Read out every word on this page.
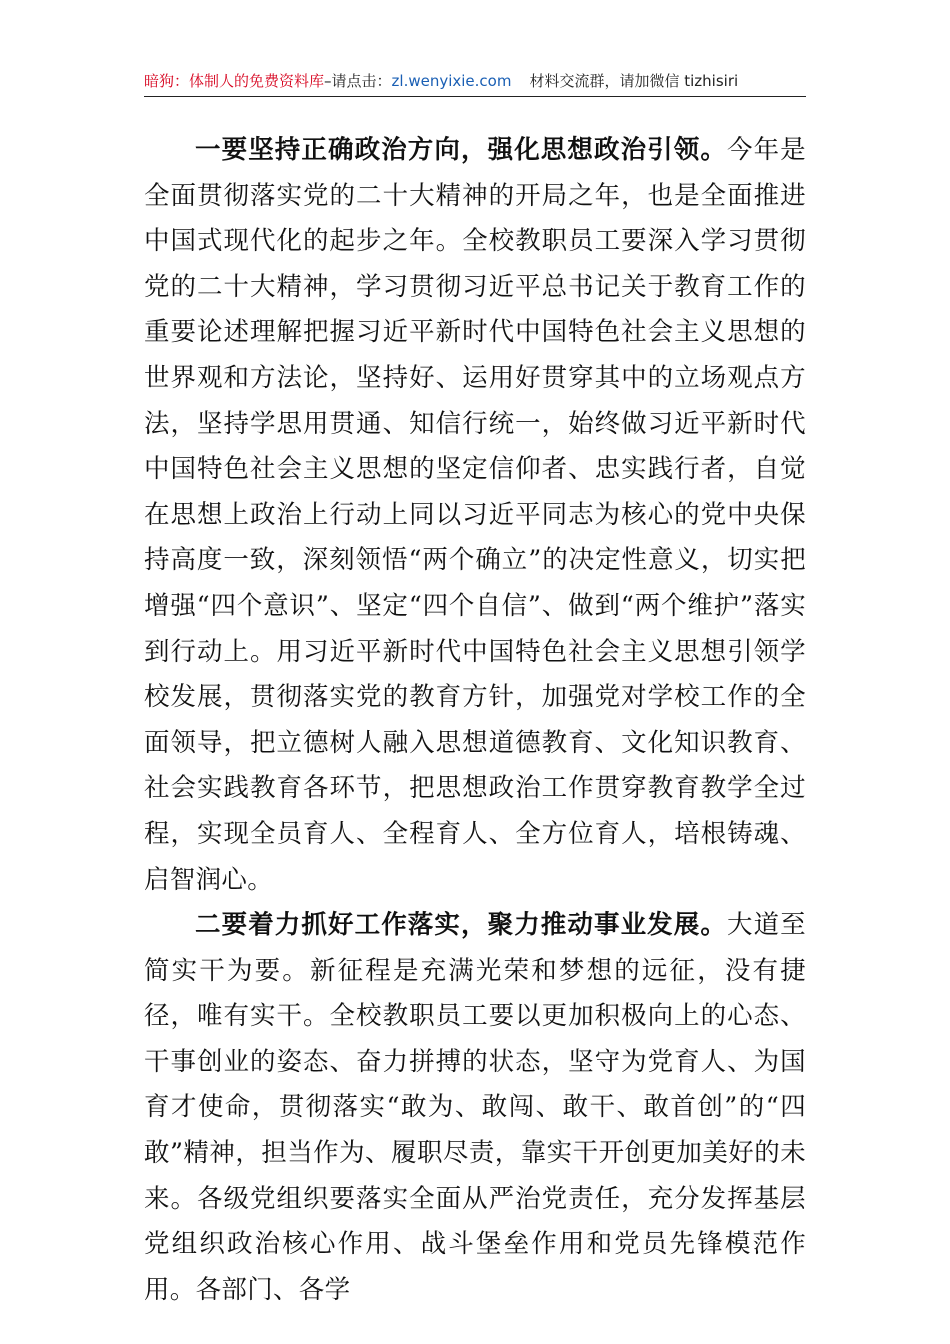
暗狗：体制人的免费资料库–请点击：zl.wenyixie.com 材料交流群，请加微信 tizhisiri

一要坚持正确政治方向，强化思想政治引领。今年是全面贯彻落实党的二十大精神的开局之年，也是全面推进中国式现代化的起步之年。全校教职员工要深入学习贯彻党的二十大精神，学习贯彻习近平总书记关于教育工作的重要论述理解把握习近平新时代中国特色社会主义思想的世界观和方法论，坚持好、运用好贯穿其中的立场观点方法，坚持学思用贯通、知信行统一，始终做习近平新时代中国特色社会主义思想的坚定信仰者、忠实践行者，自觉在思想上政治上行动上同以习近平同志为核心的党中央保持高度一致，深刻领悟“两个确立”的决定性意义，切实把增强“四个意识”、坚定“四个自信”、做到“两个维护”落实到行动上。用习近平新时代中国特色社会主义思想引领学校发展，贯彻落实党的教育方针，加强党对学校工作的全面领导，把立德树人融入思想道德教育、文化知识教育、社会实践教育各环节，把思想政治工作贯穿教育教学全过程，实现全员育人、全程育人、全方位育人，培根铸魂、启智润心。

二要着力抓好工作落实，聚力推动事业发展。大道至简实干为要。新征程是充满光荣和梦想的远征，没有捷径，唯有实干。全校教职员工要以更加积极向上的心态、干事创业的姿态、奋力拼搏的状态，坚守为党育人、为国育才使命，贯彻落实“敢为、敢闯、敢干、敢首创”的“四敢”精神，担当作为、履职尽责，靠实干开创更加美好的未来。各级党组织要落实全面从严治党责任，充分发挥基层党组织政治核心作用、战斗堡垒作用和党员先锋模范作用。各部门、各学
